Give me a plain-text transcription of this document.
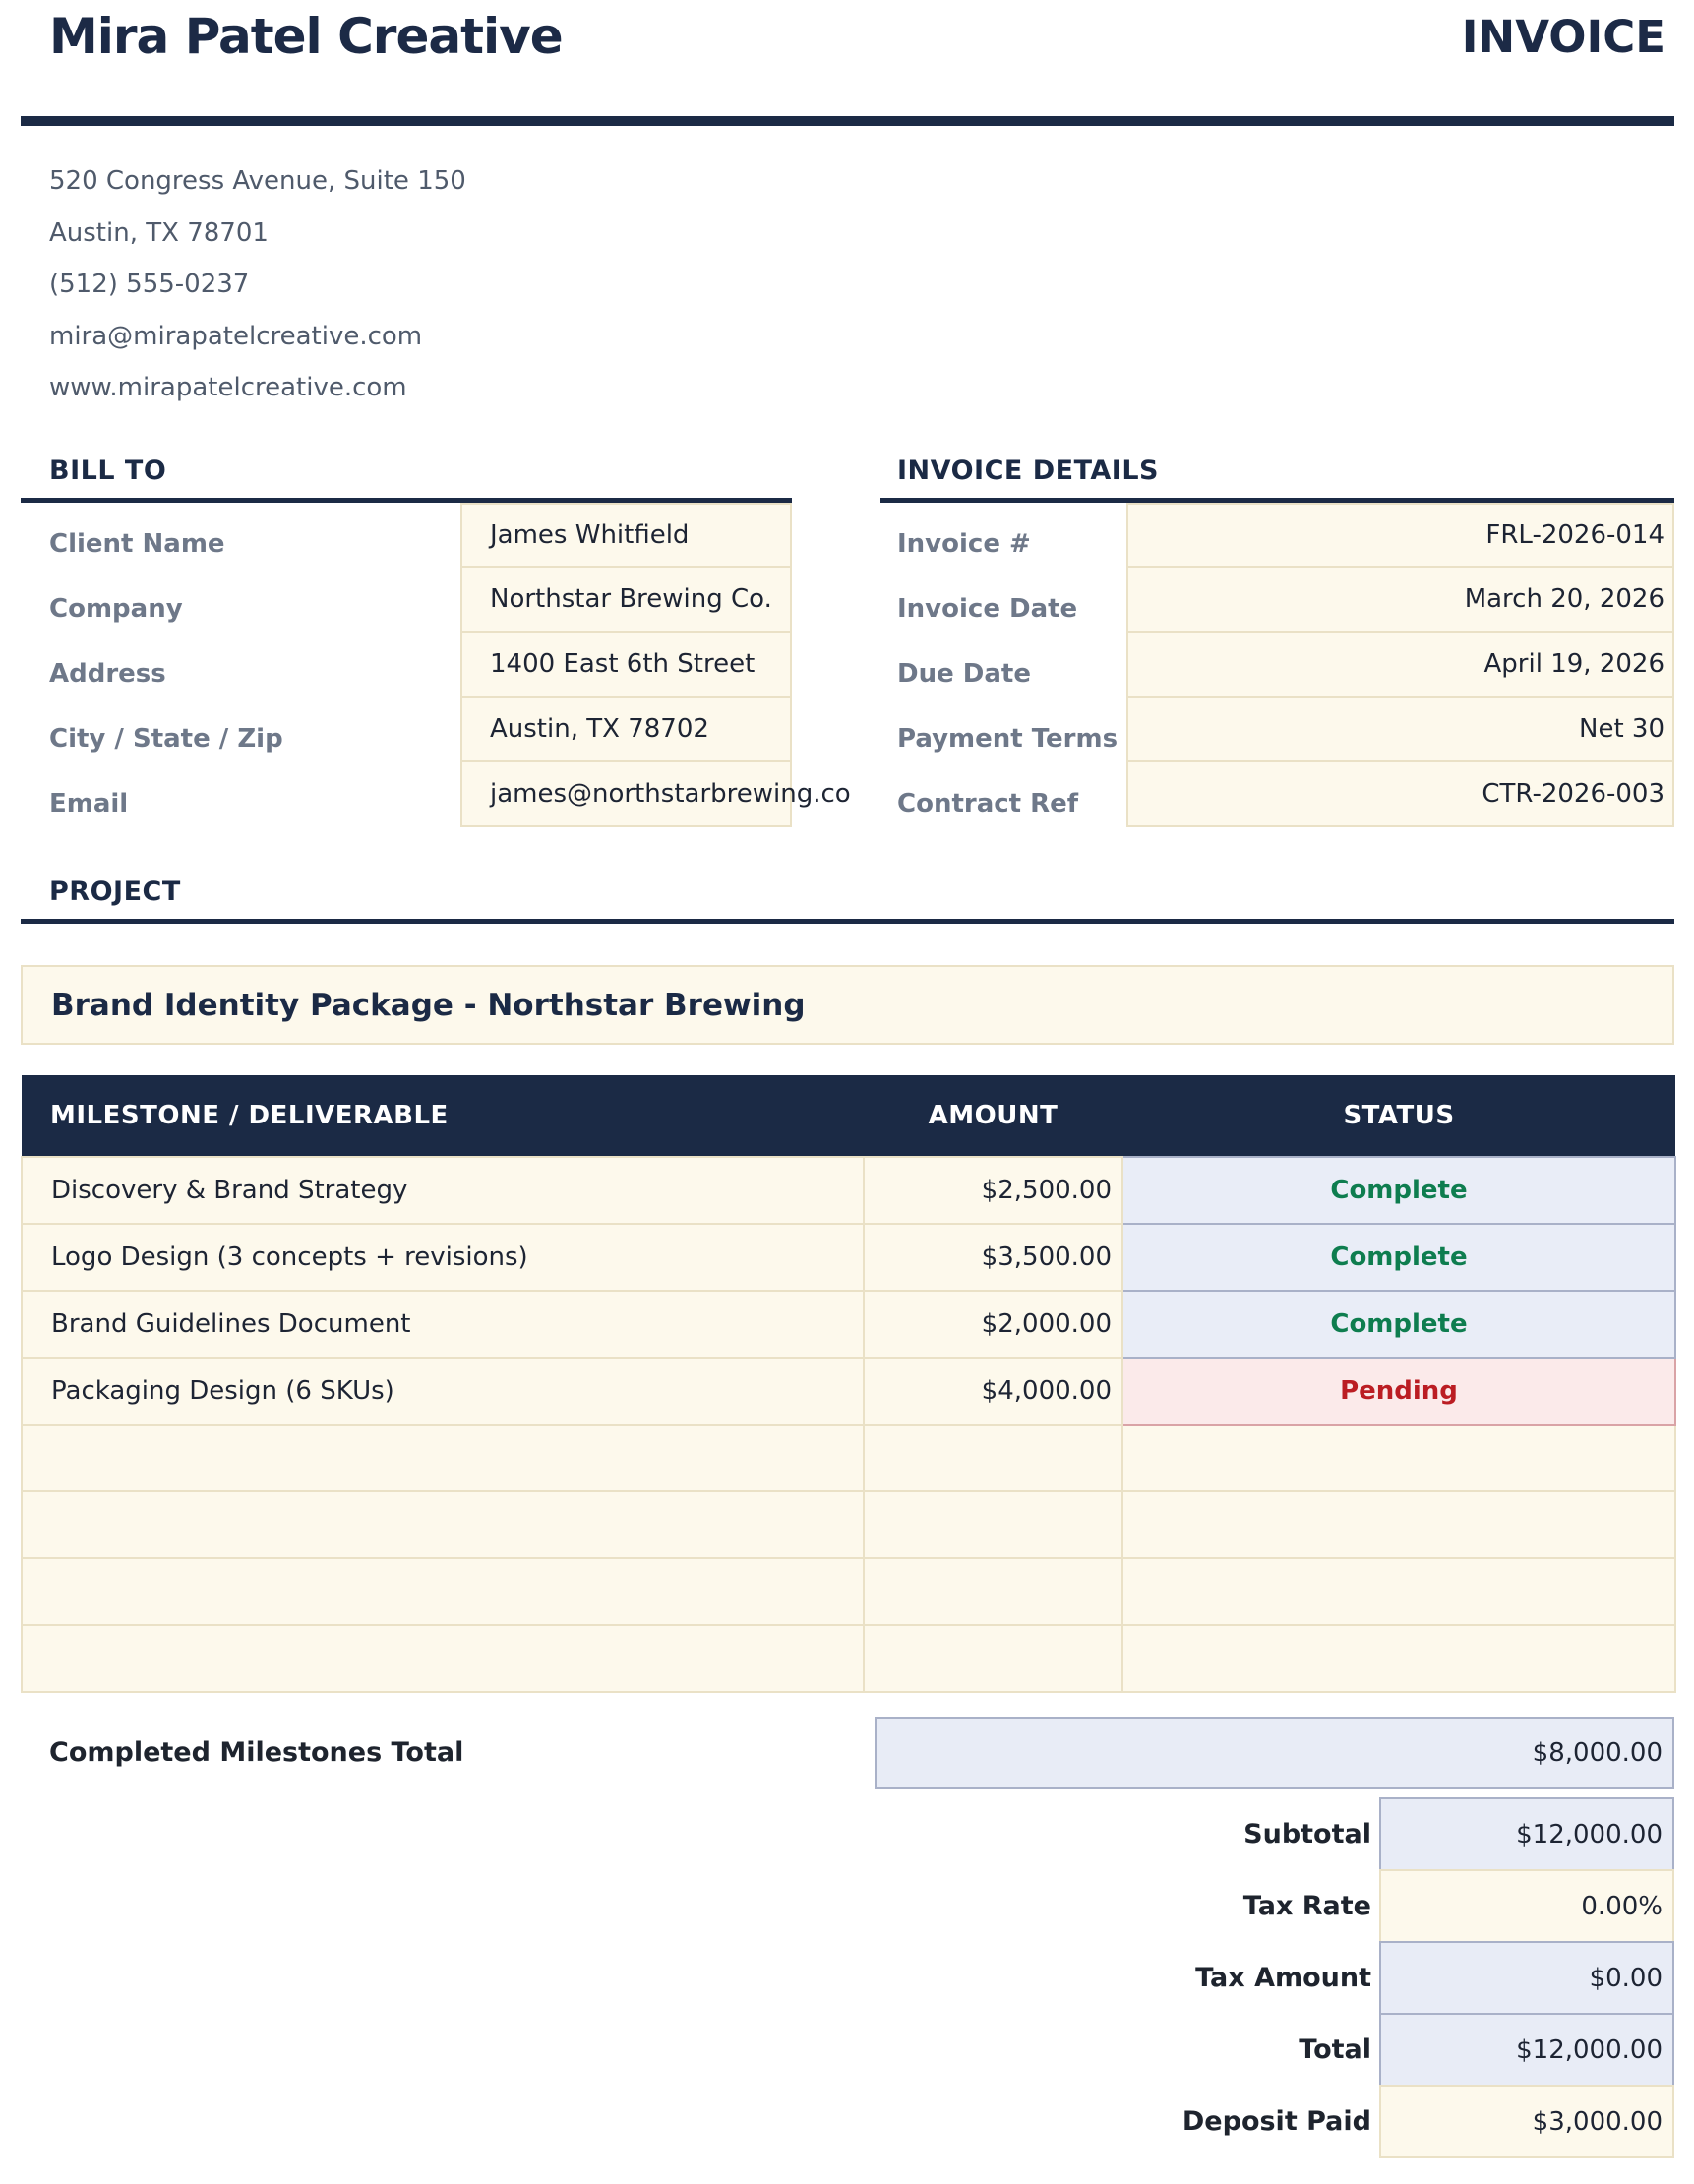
Mira Patel Creative	INVOICE
520 Congress Avenue, Suite 150
Austin, TX 78701
(512) 555-0237
mira@mirapatelcreative.com
www.mirapatelcreative.com
BILL TO
Client Name	James Whitfield
Company	Northstar Brewing Co.
Address	1400 East 6th Street
City / State / Zip	Austin, TX 78702
Email	james@northstarbrewing.co
INVOICE DETAILS
Invoice #	FRL-2026-014
Invoice Date	March 20, 2026
Due Date	April 19, 2026
Payment Terms	Net 30
Contract Ref	CTR-2026-003
PROJECT
Brand Identity Package - Northstar Brewing
MILESTONE / DELIVERABLE	AMOUNT	STATUS
Discovery & Brand Strategy	$2,500.00	Complete
Logo Design (3 concepts + revisions)	$3,500.00	Complete
Brand Guidelines Document	$2,000.00	Complete
Packaging Design (6 SKUs)	$4,000.00	Pending

Completed Milestones Total	$8,000.00
Subtotal	$12,000.00
Tax Rate	0.00%
Tax Amount	$0.00
Total	$12,000.00
Deposit Paid	$3,000.00
